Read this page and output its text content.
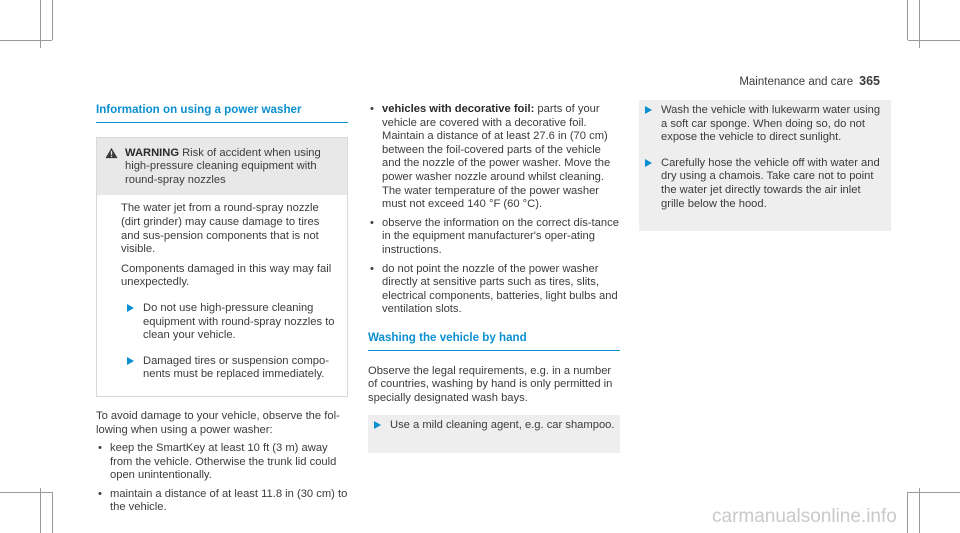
Maintenance and care 365
Information on using a power washer
WARNING Risk of accident when using high-pressure cleaning equipment with round-spray nozzles

The water jet from a round-spray nozzle (dirt grinder) may cause damage to tires and sus-pension components that is not visible.

Components damaged in this way may fail unexpectedly.

Do not use high-pressure cleaning equipment with round-spray nozzles to clean your vehicle.
Damaged tires or suspension compo-nents must be replaced immediately.

To avoid damage to your vehicle, observe the fol-lowing when using a power washer:

• keep the SmartKey at least 10 ft (3 m) away from the vehicle. Otherwise the trunk lid could open unintentionally.
• maintain a distance of at least 11.8 in (30 cm) to the vehicle.
• vehicles with decorative foil: parts of your vehicle are covered with a decorative foil. Maintain a distance of at least 27.6 in (70 cm) between the foil-covered parts of the vehicle and the nozzle of the power washer. Move the power washer nozzle around whilst cleaning. The water temperature of the power washer must not exceed 140 °F (60 °C).
• observe the information on the correct dis-tance in the equipment manufacturer's oper-ating instructions.
• do not point the nozzle of the power washer directly at sensitive parts such as tires, slits, electrical components, batteries, light bulbs and ventilation slots.
Washing the vehicle by hand

Observe the legal requirements, e.g. in a number of countries, washing by hand is only permitted in specially designated wash bays.

Use a mild cleaning agent, e.g. car shampoo.
Wash the vehicle with lukewarm water using a soft car sponge. When doing so, do not expose the vehicle to direct sunlight.
Carefully hose the vehicle off with water and dry using a chamois. Take care not to point the water jet directly towards the air inlet grille below the hood.
carmanualsonline.info
